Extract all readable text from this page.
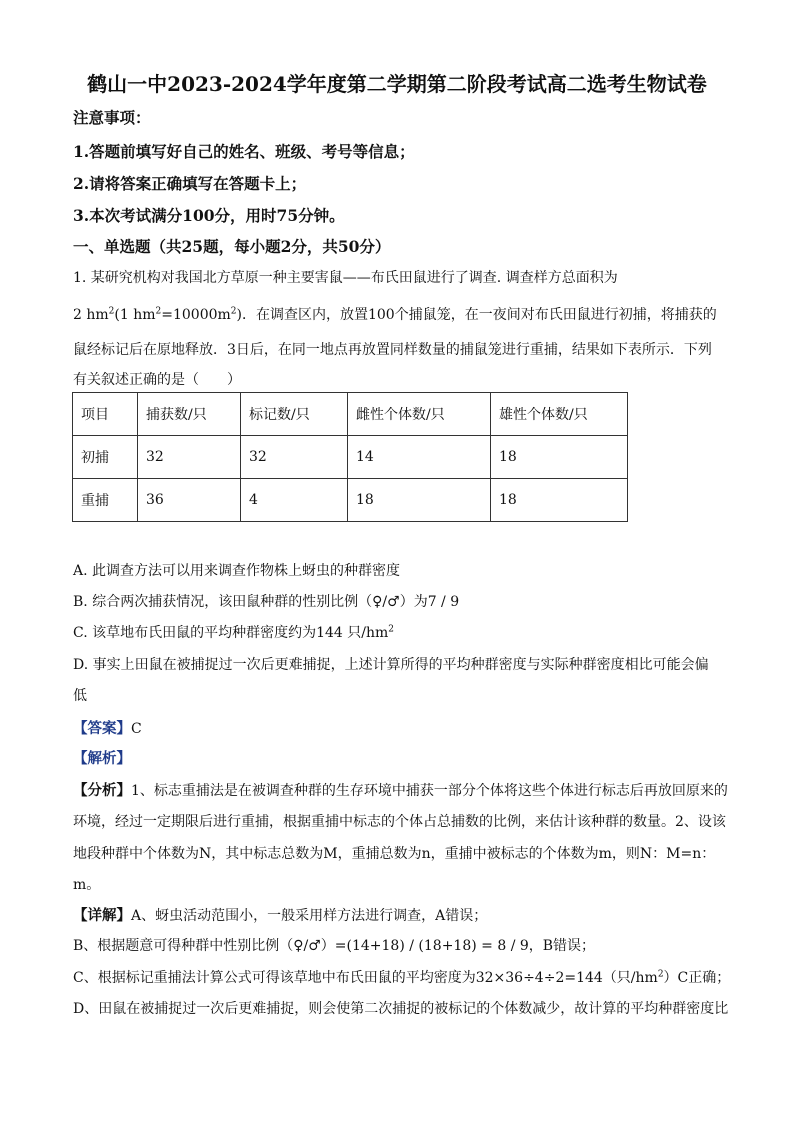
鹤山一中2023-2024学年度第二学期第二阶段考试高二选考生物试卷
注意事项：
1.答题前填写好自己的姓名、班级、考号等信息；
2.请将答案正确填写在答题卡上；
3.本次考试满分100分，用时75分钟。
一、单选题（共25题，每小题2分，共50分）
1. 某研究机构对我国北方草原一种主要害鼠——布氏田鼠进行了调查. 调查样方总面积为
2 $hm^2(1$ $hm^2=10000m^2$)．在调查区内，放置100个捕鼠笼，在一夜间对布氏田鼠进行初捕，将捕获的
鼠经标记后在原地释放．3日后，在同一地点再放置同样数量的捕鼠笼进行重捕，结果如下表所示．下列
有关叙述正确的是（　　）
项目	捕获数/只	标记数/只	雌性个体数/只	雄性个体数/只
初捕	32	32	14	18
重捕	36	4	18	18
A. 此调查方法可以用来调查作物株上蚜虫的种群密度
B. 综合两次捕获情况，该田鼠种群的性别比例（♀/♂）为7 / 9
C. 该草地布氏田鼠的平均种群密度约为144 只$/hm^2$
D. 事实上田鼠在被捕捉过一次后更难捕捉，上述计算所得的平均种群密度与实际种群密度相比可能会偏
低
【答案】C
【解析】
【分析】1、标志重捕法是在被调查种群的生存环境中捕获一部分个体将这些个体进行标志后再放回原来的
环境，经过一定期限后进行重捕，根据重捕中标志的个体占总捕数的比例，来估计该种群的数量。2、设该
地段种群中个体数为N，其中标志总数为M，重捕总数为n，重捕中被标志的个体数为m，则N：M=n：
m。
【详解】A、蚜虫活动范围小，一般采用样方法进行调查，A错误；
B、根据题意可得种群中性别比例（♀/♂）=(14+18) / (18+18) = 8 / 9，B错误；
C、根据标记重捕法计算公式可得该草地中布氏田鼠的平均密度为32×36÷4÷2=144（只$/hm^2)C$正确；
D、田鼠在被捕捉过一次后更难捕捉，则会使第二次捕捉的被标记的个体数减少，故计算的平均种群密度比
